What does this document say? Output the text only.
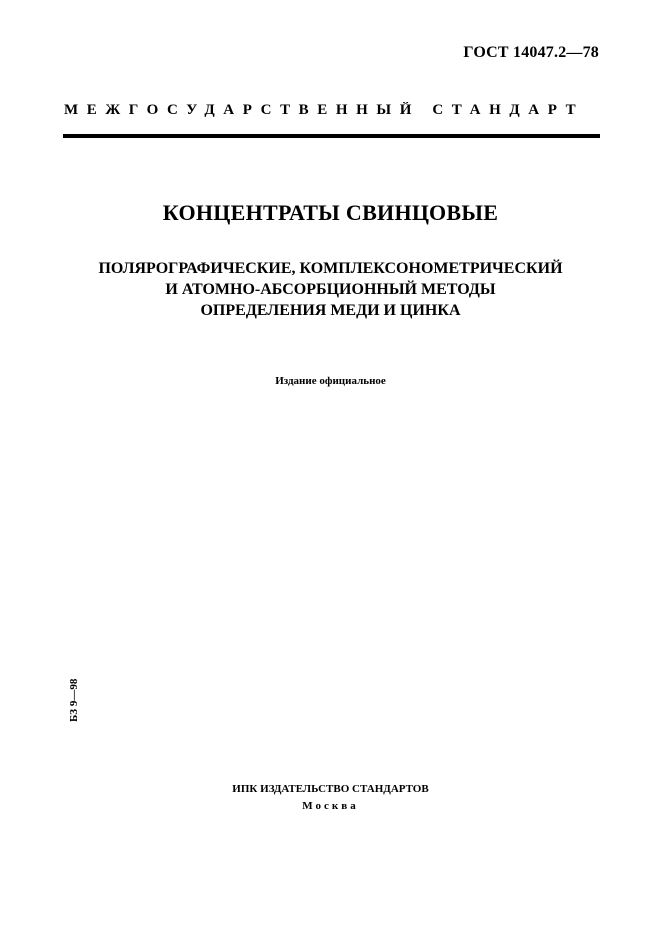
ГОСТ 14047.2—78
МЕЖГОСУДАРСТВЕННЫЙ СТАНДАРТ
КОНЦЕНТРАТЫ СВИНЦОВЫЕ
ПОЛЯРОГРАФИЧЕСКИЕ, КОМПЛЕКСОНОМЕТРИЧЕСКИЙ
И АТОМНО-АБСОРБЦИОННЫЙ МЕТОДЫ
ОПРЕДЕЛЕНИЯ МЕДИ И ЦИНКА
Издание официальное
БЗ 9—98
ИПК ИЗДАТЕЛЬСТВО СТАНДАРТОВ
Москва
